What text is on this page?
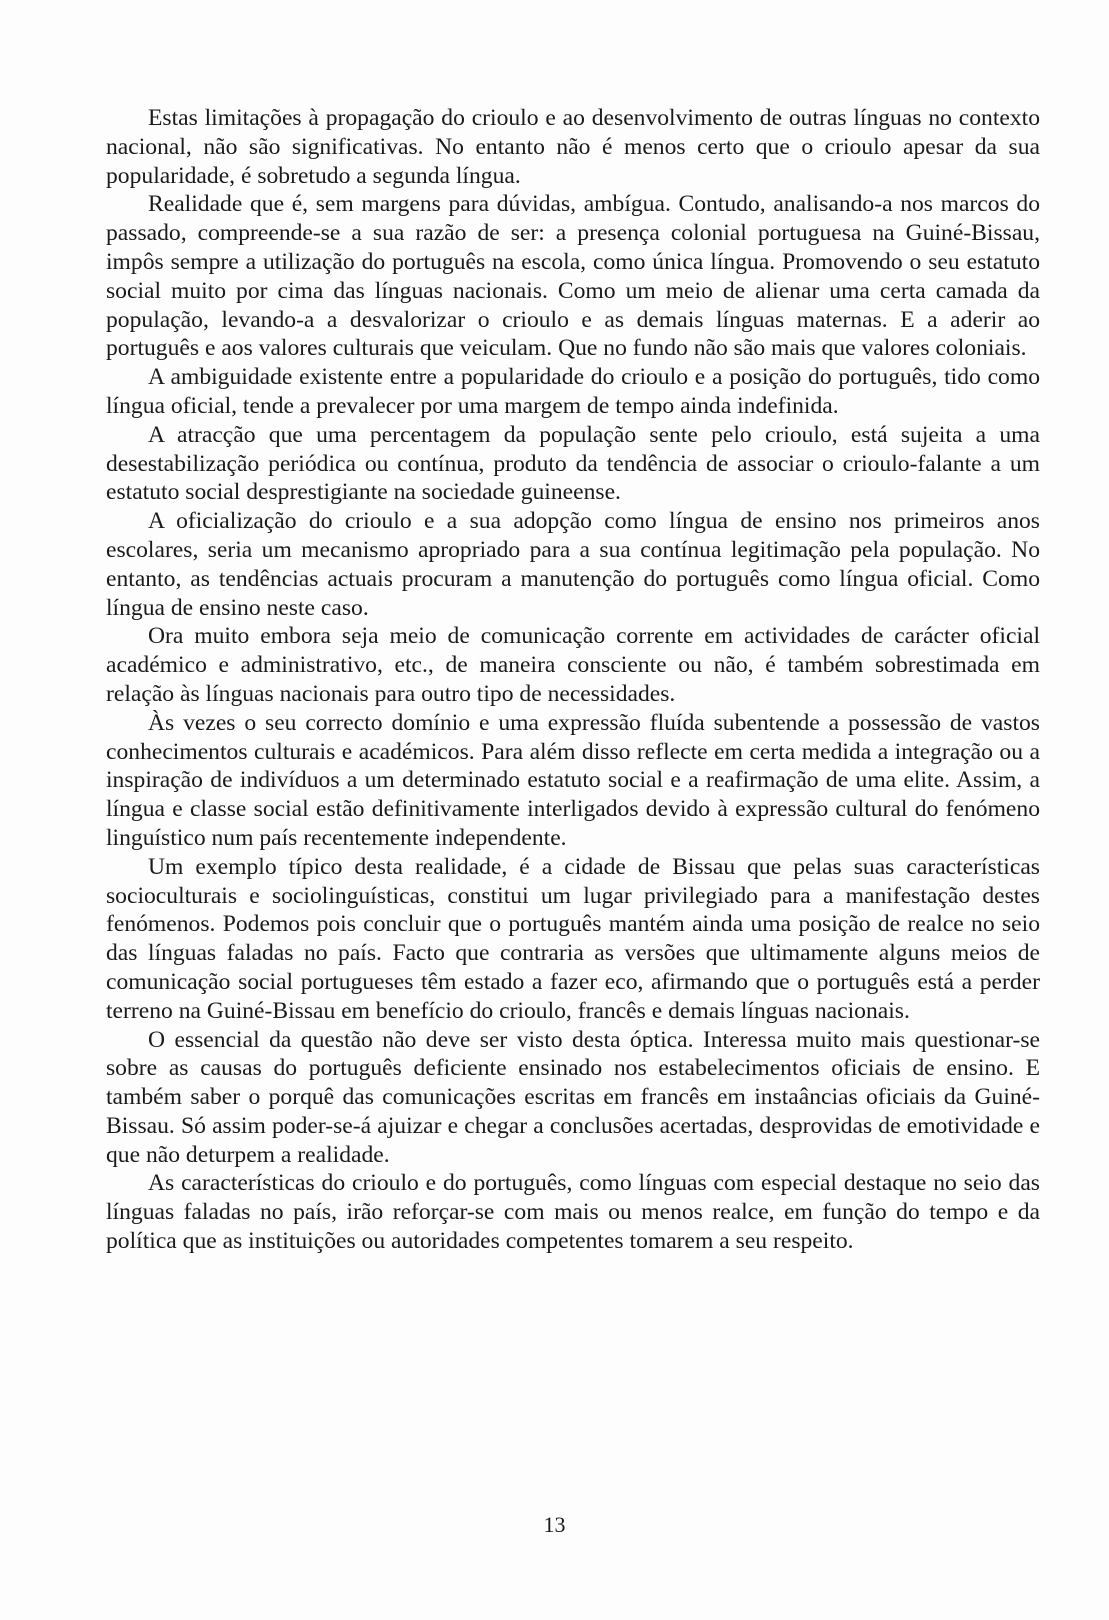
Estas limitações à propagação do crioulo e ao desenvolvimento de outras línguas no contexto nacional, não são significativas. No entanto não é menos certo que o crioulo apesar da sua popularidade, é sobretudo a segunda língua.

Realidade que é, sem margens para dúvidas, ambígua. Contudo, analisando-a nos marcos do passado, compreende-se a sua razão de ser: a presença colonial portuguesa na Guiné-Bissau, impôs sempre a utilização do português na escola, como única língua. Promovendo o seu estatuto social muito por cima das línguas nacionais. Como um meio de alienar uma certa camada da população, levando-a a desvalorizar o crioulo e as demais línguas maternas. E a aderir ao português e aos valores culturais que veiculam. Que no fundo não são mais que valores coloniais.

A ambiguidade existente entre a popularidade do crioulo e a posição do português, tido como língua oficial, tende a prevalecer por uma margem de tempo ainda indefinida.

A atracção que uma percentagem da população sente pelo crioulo, está sujeita a uma desestabilização periódica ou contínua, produto da tendência de associar o crioulo-falante a um estatuto social desprestigiante na sociedade guineense.

A oficialização do crioulo e a sua adopção como língua de ensino nos primeiros anos escolares, seria um mecanismo apropriado para a sua contínua legitimação pela população. No entanto, as tendências actuais procuram a manutenção do português como língua oficial. Como língua de ensino neste caso.

Ora muito embora seja meio de comunicação corrente em actividades de carácter oficial académico e administrativo, etc., de maneira consciente ou não, é também sobrestimada em relação às línguas nacionais para outro tipo de necessidades.

Às vezes o seu correcto domínio e uma expressão fluída subentende a possessão de vastos conhecimentos culturais e académicos. Para além disso reflecte em certa medida a integração ou a inspiração de indivíduos a um determinado estatuto social e a reafirmação de uma elite. Assim, a língua e classe social estão definitivamente interligados devido à expressão cultural do fenómeno linguístico num país recentemente independente.

Um exemplo típico desta realidade, é a cidade de Bissau que pelas suas características socioculturais e sociolinguísticas, constitui um lugar privilegiado para a manifestação destes fenómenos. Podemos pois concluir que o português mantém ainda uma posição de realce no seio das línguas faladas no país. Facto que contraria as versões que ultimamente alguns meios de comunicação social portugueses têm estado a fazer eco, afirmando que o português está a perder terreno na Guiné-Bissau em benefício do crioulo, francês e demais línguas nacionais.

O essencial da questão não deve ser visto desta óptica. Interessa muito mais questionar-se sobre as causas do português deficiente ensinado nos estabelecimentos oficiais de ensino. E também saber o porquê das comunicações escritas em francês em instaâncias oficiais da Guiné-Bissau. Só assim poder-se-á ajuizar e chegar a conclusões acertadas, desprovidas de emotividade e que não deturpem a realidade.

As características do crioulo e do português, como línguas com especial destaque no seio das línguas faladas no país, irão reforçar-se com mais ou menos realce, em função do tempo e da política que as instituições ou autoridades competentes tomarem a seu respeito.

13
